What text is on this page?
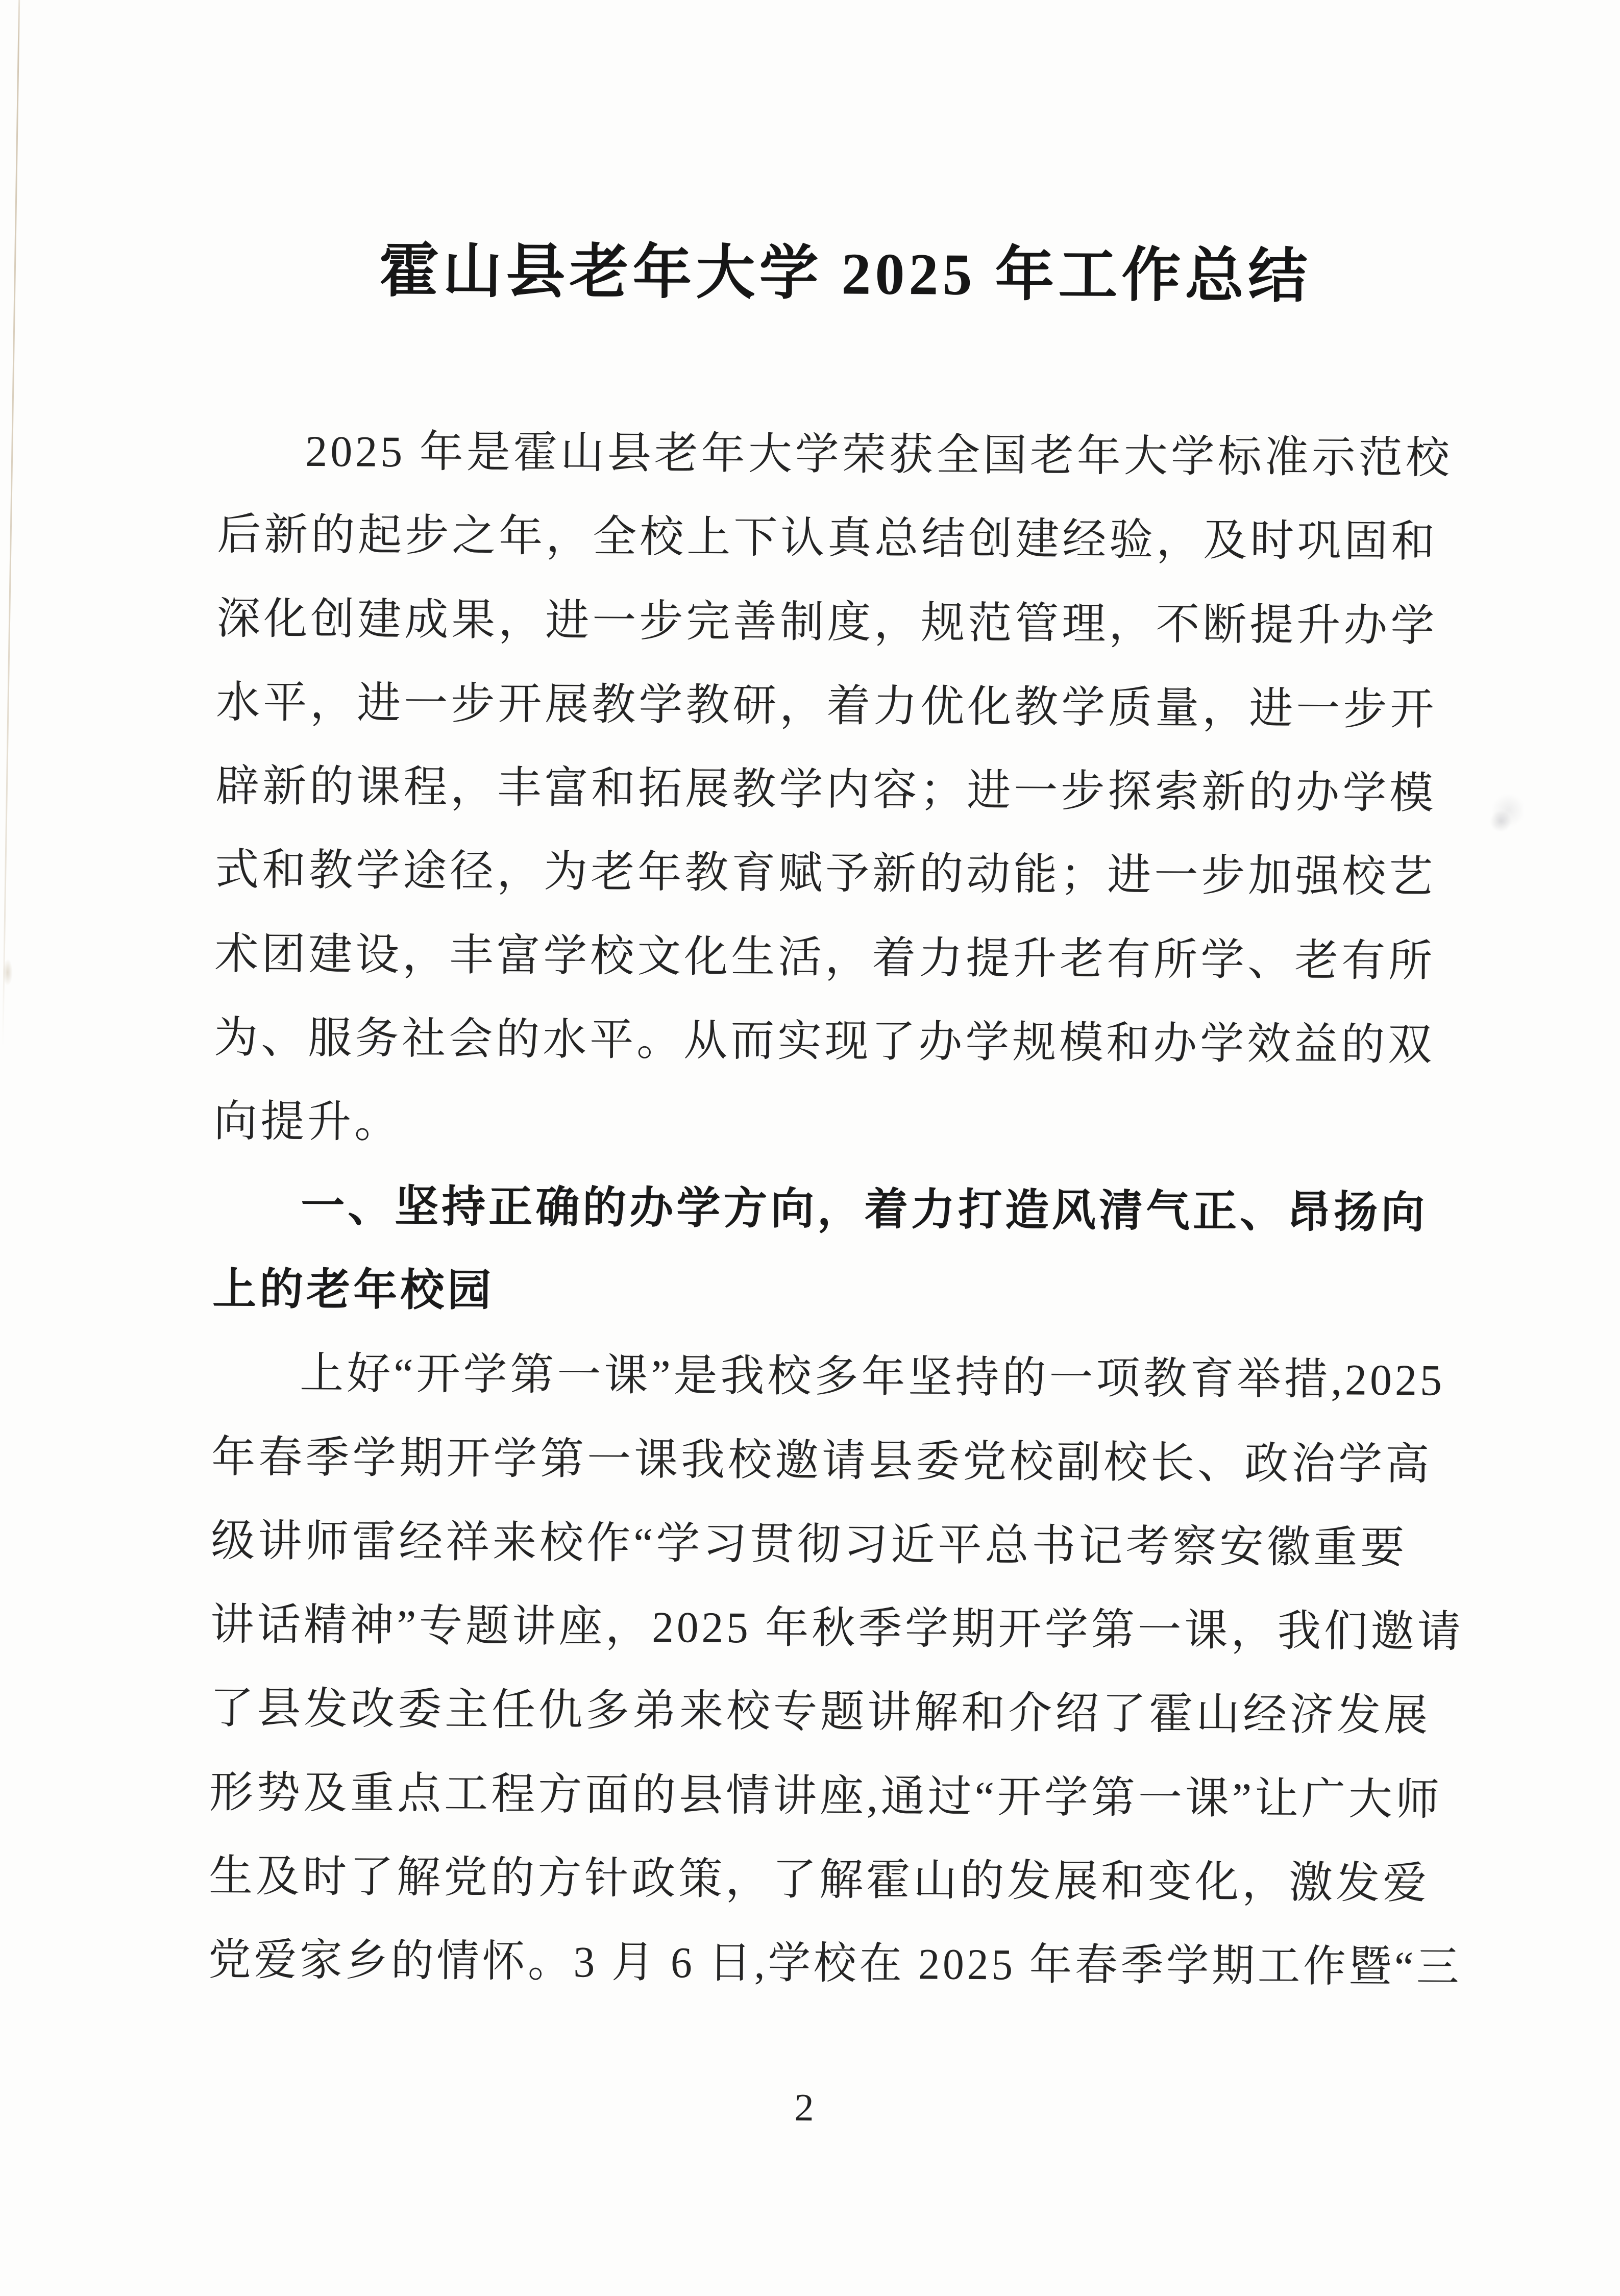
霍山县老年大学 2025 年工作总结
2025 年是霍山县老年大学荣获全国老年大学标准示范校
后新的起步之年，全校上下认真总结创建经验，及时巩固和
深化创建成果，进一步完善制度，规范管理，不断提升办学
水平，进一步开展教学教研，着力优化教学质量，进一步开
辟新的课程，丰富和拓展教学内容；进一步探索新的办学模
式和教学途径，为老年教育赋予新的动能；进一步加强校艺
术团建设，丰富学校文化生活，着力提升老有所学、老有所
为、服务社会的水平。从而实现了办学规模和办学效益的双
向提升。
一、坚持正确的办学方向，着力打造风清气正、昂扬向
上的老年校园
上好“开学第一课”是我校多年坚持的一项教育举措,2025
年春季学期开学第一课我校邀请县委党校副校长、政治学高
级讲师雷经祥来校作“学习贯彻习近平总书记考察安徽重要
讲话精神”专题讲座，2025 年秋季学期开学第一课，我们邀请
了县发改委主任仇多弟来校专题讲解和介绍了霍山经济发展
形势及重点工程方面的县情讲座,通过“开学第一课”让广大师
生及时了解党的方针政策，了解霍山的发展和变化，激发爱
党爱家乡的情怀。3 月 6 日,学校在 2025 年春季学期工作暨“三
2
